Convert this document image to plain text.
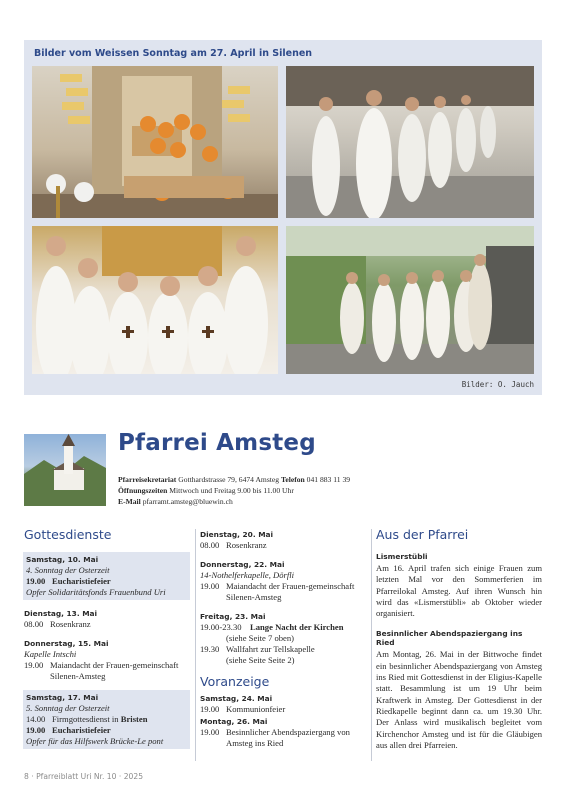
Bilder vom Weissen Sonntag am 27. April in Silenen
Bilder: O. Jauch
Pfarrei Amsteg
Pfarreisekretariat Gotthardstrasse 79, 6474 Amsteg Telefon 041 883 11 39
Öffnungszeiten Mittwoch und Freitag 9.00 bis 11.00 Uhr
E-Mail pfarramt.amsteg@bluewin.ch
Gottesdienste
Samstag, 10. Mai
4. Sonntag der Osterzeit
19.00 Eucharistiefeier
Opfer Solidaritätsfonds Frauenbund Uri
Dienstag, 13. Mai
08.00 Rosenkranz
Donnerstag, 15. Mai
Kapelle Intschi
19.00 Maiandacht der Frauen-gemeinschaft Silenen-Amsteg
Samstag, 17. Mai
5. Sonntag der Osterzeit
14.00 Firmgottesdienst in Bristen
19.00 Eucharistiefeier
Opfer für das Hilfswerk Brücke-Le pont
Dienstag, 20. Mai
08.00 Rosenkranz
Donnerstag, 22. Mai
14-Nothelferkapelle, Dörfli
19.00 Maiandacht der Frauen-gemeinschaft Silenen-Amsteg
Freitag, 23. Mai
19.00-23.30 Lange Nacht der Kirchen
(siehe Seite 7 oben)
19.30 Wallfahrt zur Tellskapelle
(siehe Seite Seite 2)
Voranzeige
Samstag, 24. Mai
19.00 Kommunionfeier
Montag, 26. Mai
19.00 Besinnlicher Abendspaziergang von Amsteg ins Ried
Aus der Pfarrei
Lismerstübli
Am 16. April trafen sich einige Frauen zum letzten Mal vor den Sommerferien im Pfarreilokal Amsteg. Auf ihren Wunsch hin wird das «Lismerstübli» ab Oktober wieder organisiert.
Besinnlicher Abendspaziergang ins Ried
Am Montag, 26. Mai in der Bittwoche findet ein besinnlicher Abendspaziergang von Amsteg ins Ried mit Gottesdienst in der Eligius-Kapelle statt. Besammlung ist um 19 Uhr beim Kraftwerk in Amsteg. Der Gottesdienst in der Riedkapelle beginnt dann ca. um 19.30 Uhr. Der Anlass wird musikalisch begleitet vom Kirchenchor Amsteg und ist für die Gläubigen aus allen drei Pfarreien.
8 · Pfarreiblatt Uri Nr. 10 · 2025
